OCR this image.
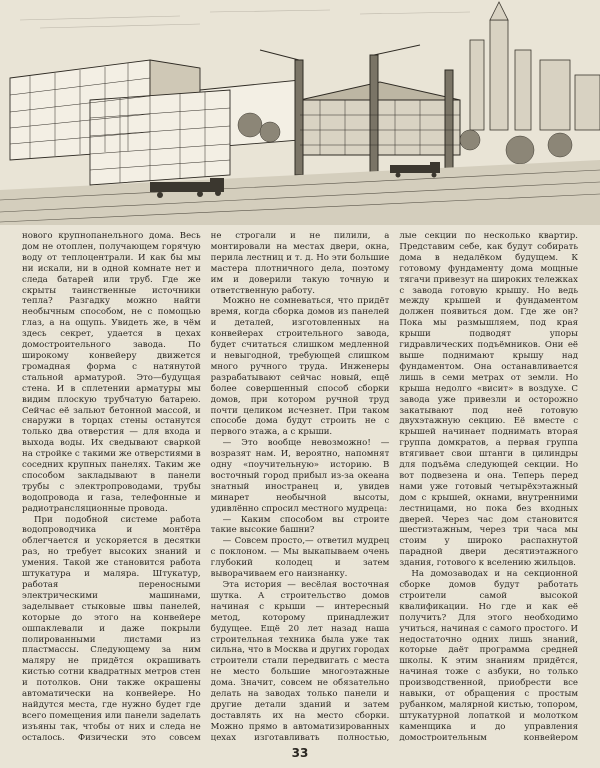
нового крупнопанельного дома. Весь дом не отоплен, получающем горячую воду от теплоцентрали. И как бы мы ни искали, ни в одной комнате нет и следа батарей или труб. Где же скрыты таинственные источники тепла? Разгадку можно найти необычным способом, не с помощью глаз, а на ощупь. Увидеть же, в чём здесь секрет, удается в цехах домостроительного завода. По широкому конвейеру движется громадная форма с натянутой стальной арматурой. Это—будущая стена. И в сплетении арматуры мы видим плоскую трубчатую батарею. Сейчас её зальют бетонной массой, и снаружи в торцах стены останутся только два отверстия — для входа и выхода воды. Их сведывают сваркой на стройке с такими же отверстиями в соседних крупных панелях. Таким же способом закладывают в панели трубы с электропроводами, трубы водопровода и газа, телефонные и радиотрансляционные провода.

При подобной системе работа водопроводчика и монтёра облегчается и ускоряется в десятки раз, но требует высоких знаний и умения. Такой же становится работа штукатура и маляра. Штукатур, работая переносными электрическими машинами, заделывает стыковые швы панелей, которые до этого на конвейере ошпаклевали и даже покрыли полированными листами из пластмассы. Следующему за ним маляру не придётся окрашивать кистью сотни квадратных метров стен и потолков. Они также окрашены автоматически на конвейере. Но найдутся места, где нужно будет где всего помещения или панели заделать изъяны так, чтобы от них и следа не осталось. Физически это совсем

не строгали и не пилили, а монтировали на местах двери, окна, перила лестниц и т. д. Но эти большие мастера плотничного дела, поэтому им и доверили такую точную и ответственную работу.

Можно не сомневаться, что придёт время, когда сборка домов из панелей и деталей, изготовленных на конвейерах строительного завода, будет считаться слишком медленной и невыгодной, требующей слишком много ручного труда. Инженеры разрабатывают сейчас новый, ещё более совершенный способ сборки домов, при котором ручной труд почти целиком исчезнет. При таком способе дома будут строить не с первого этажа, а с крыши.

— Это вообще невозможно! — возразят нам. И, вероятно, напомнят одну «поучительную» историю. В восточный город прибыл из-за океана знатный иностранец и, увидев минарет необычной высоты, удивлённо спросил местного мудреца:

— Каким способом вы строите такие высокие башни?

— Совсем просто,— ответил мудрец с поклоном. — Мы выкапываем очень глубокий колодец и затем выворачиваем его наизнанку.

Эта история — весёлая восточная шутка. А строительство домов начиная с крыши — интересный метод, которому принадлежит будущее. Ещё 20 лет назад наша строительная техника была уже так сильна, что в Москва и других городах строители стали передвигать с места не место большие многоэтажные дома. Значит, совсем не обязательно делать на заводах только панели и другие детали зданий и затем доставлять их на место сборки. Можно прямо в автоматизированных цехах изготавливать полностью,

лые секции по несколько квартир. Представим себе, как будут собирать дома в недалёком будущем. К готовому фундаменту дома мощные тягачи привезут на широких тележках с завода готовую крышу. Но ведь между крышей и фундаментом должен появиться дом. Где же он? Пока мы размышляем, под края крыши подводят упоры гидравлических подъёмников. Они её выше поднимают крышу над фундаментом. Она останавливается лишь в семи метрах от земли. Но крыша недолго «висит» в воздухе. С завода уже привезли и осторожно закатывают под неё готовую двухэтажную секцию. Её вместе с крышей начинает поднимать вторая группа домкратов, а первая группа втягивает свои штанги в цилиндры для подъёма следующей секции. Но вот подвезена и она. Теперь перед нами уже готовый четырёхэтажный дом с крышей, окнами, внутренними лестницами, но пока без входных дверей. Через час дом становится шестиэтажным, через три часа мы стоим у широко распахнутой парадной двери десятиэтажного здания, готового к вселению жильцов.

На домозаводах и на секционной сборке домов будут работать строители самой высокой квалификации. Но где и как её получить? Для этого необходимо учиться, начиная с самого простого. И недостаточно одних лишь знаний, которые даёт программа средней школы. К этим знаниям придётся, начиная тоже с азбуки, но только производственной, приобрести все навыки, от обращения с простым рубанком, малярной кистью, топором, штукатурной лопаткой и молотком каменщика и до управления домостроительным конвейером

33
